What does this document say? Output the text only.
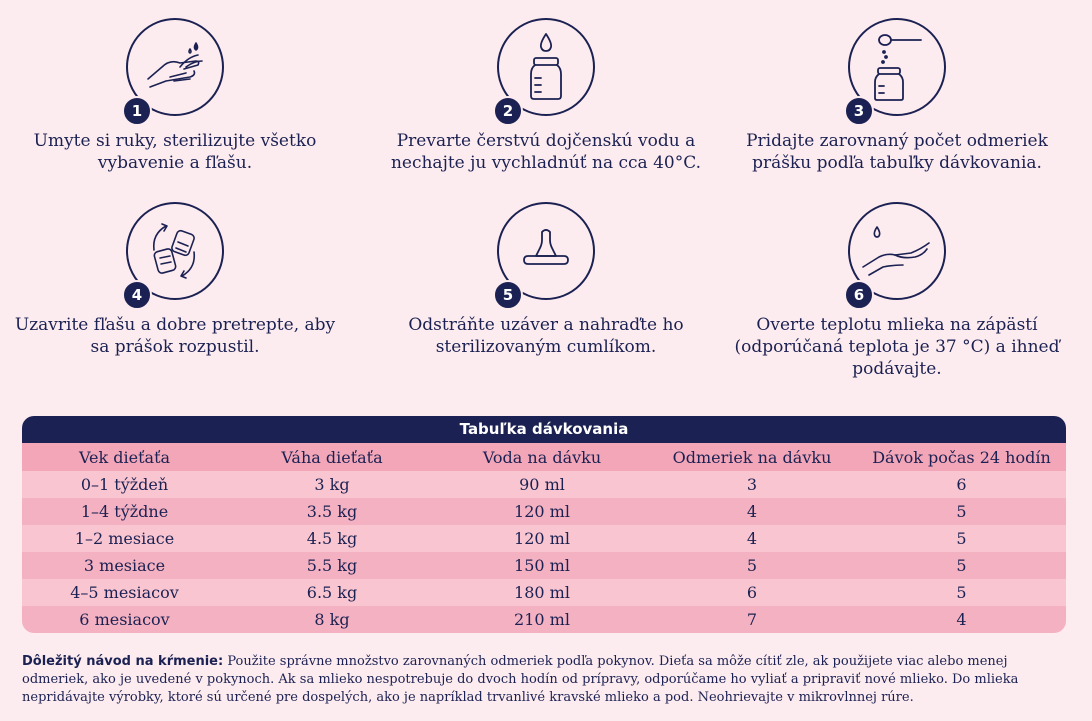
1
Umyte si ruky, sterilizujte všetko vybavenie a fľašu.
2
Prevarte čerstvú dojčenskú vodu a nechajte ju vychladnúť na cca 40°C.
3
Pridajte zarovnaný počet odmeriek prášku podľa tabuľky dávkovania.
4
Uzavrite fľašu a dobre pretrepte, aby sa prášok rozpustil.
5
Odstráňte uzáver a nahraďte ho sterilizovaným cumlíkom.
6
Overte teplotu mlieka na zápästí (odporúčaná teplota je 37 °C) a ihneď podávajte.
Tabuľka dávkovania
Vek dieťaťa	Váha dieťaťa	Voda na dávku	Odmeriek na dávku	Dávok počas 24 hodín
0–1 týždeň	3 kg	90 ml	3	6
1–4 týždne	3.5 kg	120 ml	4	5
1–2 mesiace	4.5 kg	120 ml	4	5
3 mesiace	5.5 kg	150 ml	5	5
4–5 mesiacov	6.5 kg	180 ml	6	5
6 mesiacov	8 kg	210 ml	7	4
Dôležitý návod na kŕmenie: Použite správne množstvo zarovnaných odmeriek podľa pokynov. Dieťa sa môže cítiť zle, ak použijete viac alebo menej odmeriek, ako je uvedené v pokynoch. Ak sa mlieko nespotrebuje do dvoch hodín od prípravy, odporúčame ho vyliať a pripraviť nové mlieko. Do mlieka nepridávajte výrobky, ktoré sú určené pre dospelých, ako je napríklad trvanlivé kravské mlieko a pod. Neohrievajte v mikrovlnnej rúre.
